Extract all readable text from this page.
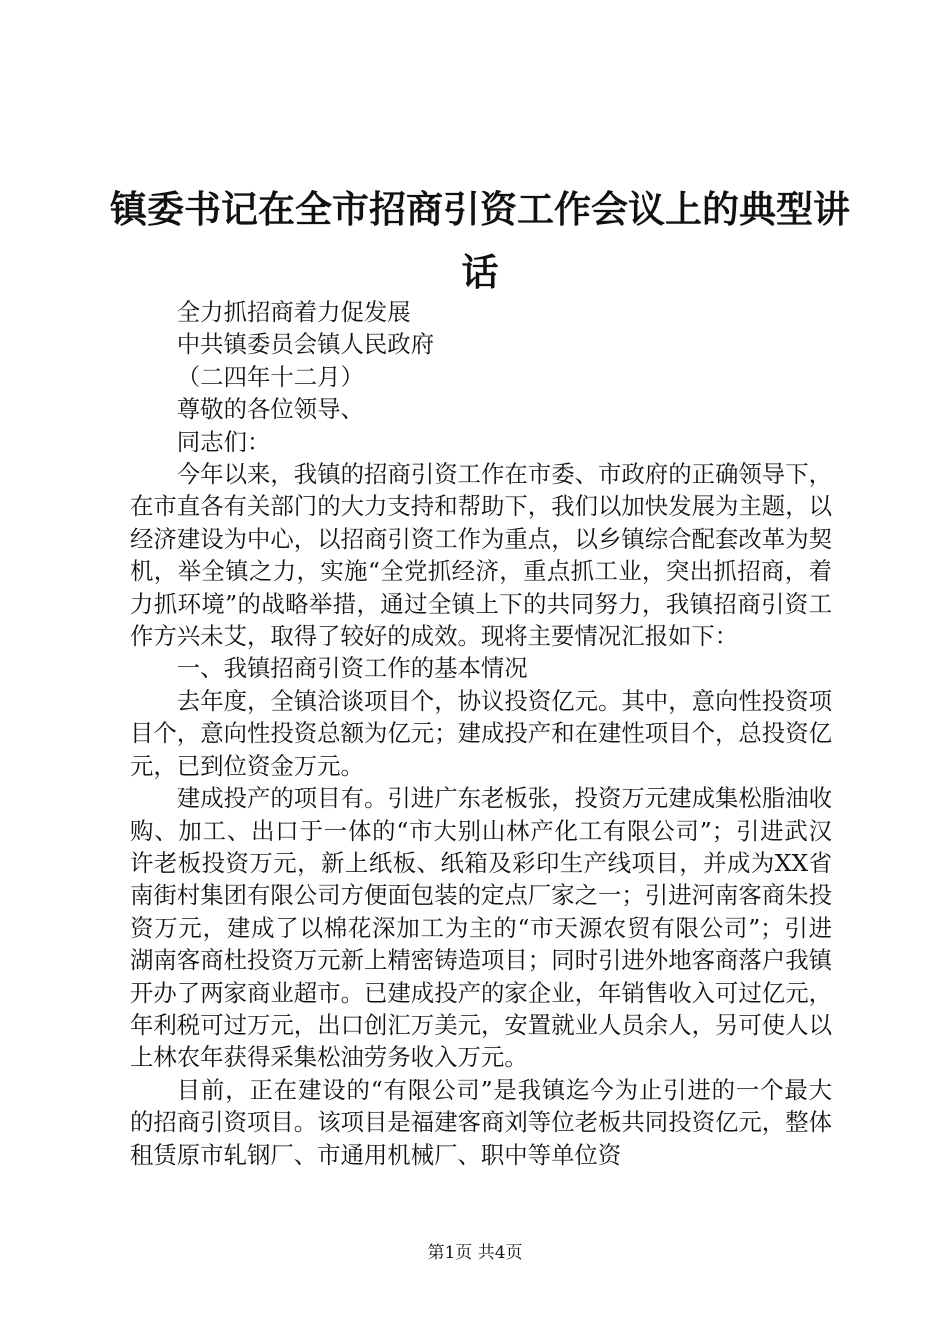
镇委书记在全市招商引资工作会议上的典型讲话

全力抓招商着力促发展

中共镇委员会镇人民政府

（二四年十二月）

尊敬的各位领导、

同志们：

今年以来，我镇的招商引资工作在市委、市政府的正确领导下，在市直各有关部门的大力支持和帮助下，我们以加快发展为主题，以经济建设为中心，以招商引资工作为重点，以乡镇综合配套改革为契机，举全镇之力，实施“全党抓经济，重点抓工业，突出抓招商，着力抓环境”的战略举措，通过全镇上下的共同努力，我镇招商引资工作方兴未艾，取得了较好的成效。现将主要情况汇报如下：

一、我镇招商引资工作的基本情况

去年度，全镇洽谈项目个，协议投资亿元。其中，意向性投资项目个，意向性投资总额为亿元；建成投产和在建性项目个，总投资亿元，已到位资金万元。

建成投产的项目有。引进广东老板张，投资万元建成集松脂油收购、加工、出口于一体的“市大别山林产化工有限公司”；引进武汉许老板投资万元，新上纸板、纸箱及彩印生产线项目，并成为XX省南街村集团有限公司方便面包装的定点厂家之一；引进河南客商朱投资万元，建成了以棉花深加工为主的“市天源农贸有限公司”；引进湖南客商杜投资万元新上精密铸造项目；同时引进外地客商落户我镇开办了两家商业超市。已建成投产的家企业，年销售收入可过亿元，年利税可过万元，出口创汇万美元，安置就业人员余人，另可使人以上林农年获得采集松油劳务收入万元。

目前，正在建设的“有限公司”是我镇迄今为止引进的一个最大的招商引资项目。该项目是福建客商刘等位老板共同投资亿元，整体租赁原市轧钢厂、市通用机械厂、职中等单位资

第1页 共4页
